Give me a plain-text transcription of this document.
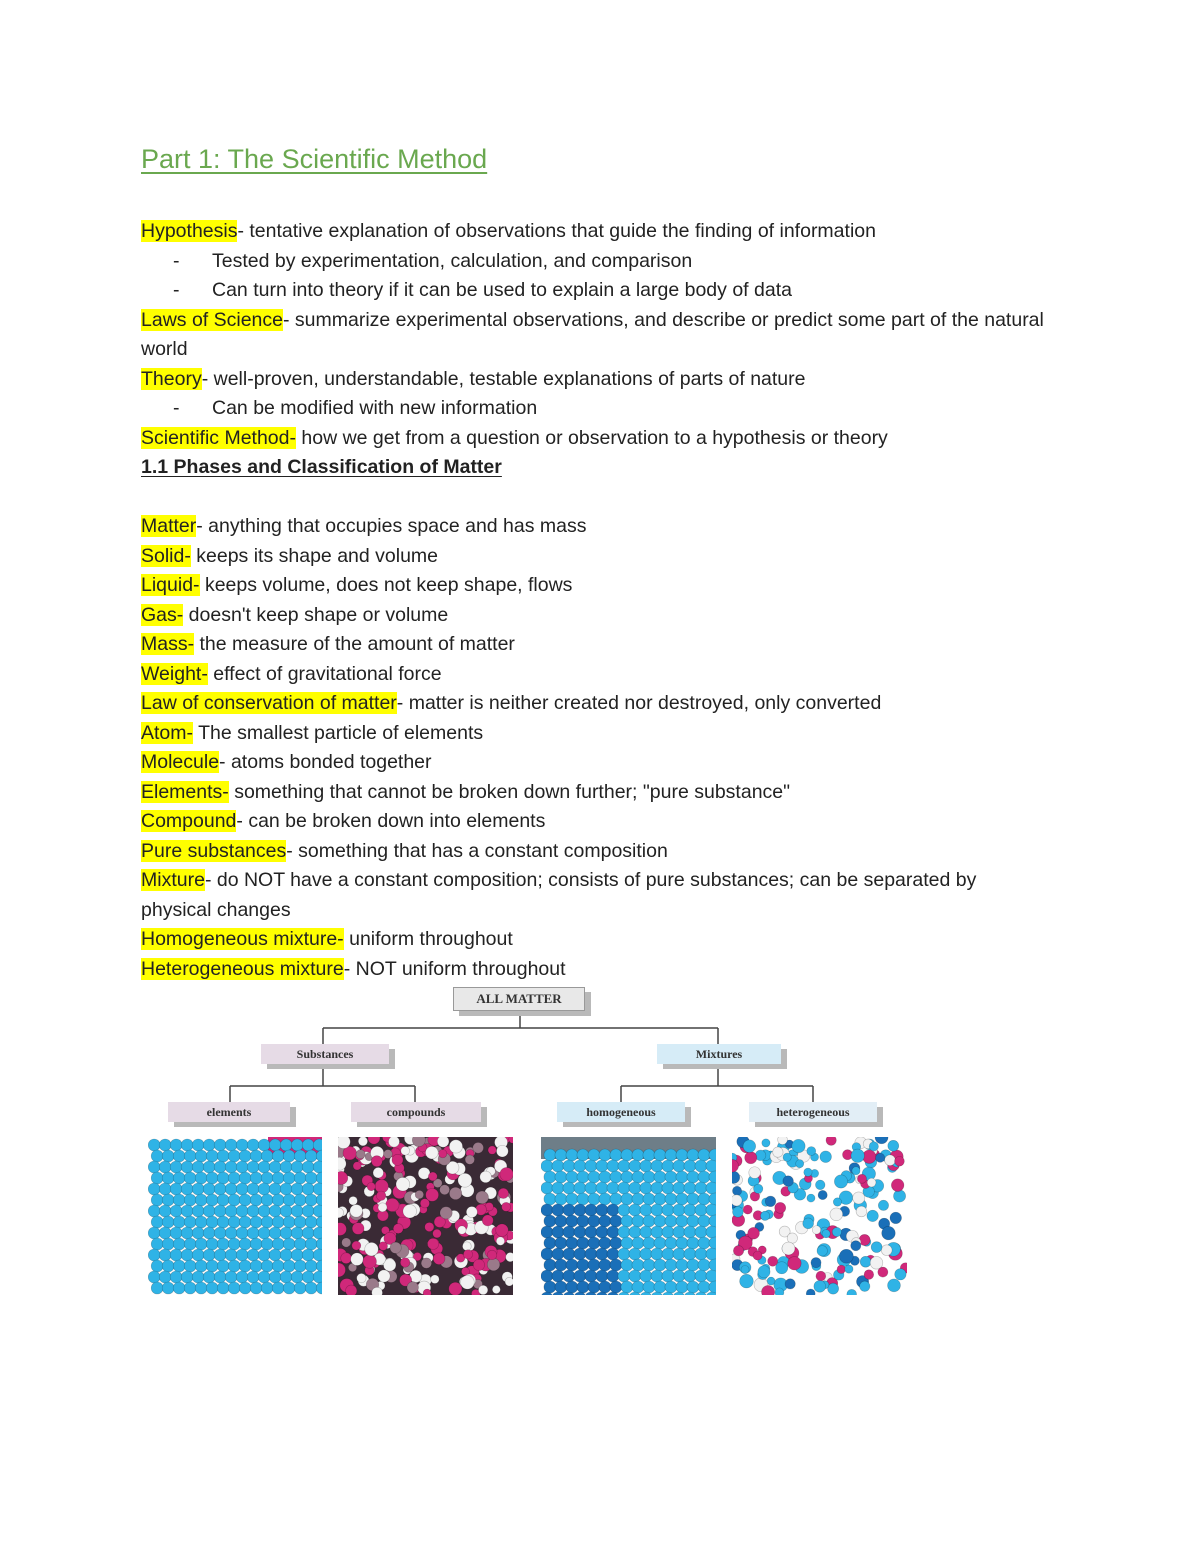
Part 1: The Scientific Method

Hypothesis- tentative explanation of observations that guide the finding of information

-	Tested by experimentation, calculation, and comparison

-	Can turn into theory if it can be used to explain a large body of data

Laws of Science- summarize experimental observations, and describe or predict some part of the natural world

Theory- well-proven, understandable, testable explanations of parts of nature

-	Can be modified with new information

Scientific Method- how we get from a question or observation to a hypothesis or theory

1.1 Phases and Classification of Matter

Matter- anything that occupies space and has mass

Solid- keeps its shape and volume

Liquid- keeps volume, does not keep shape, flows

Gas- doesn't keep shape or volume

Mass- the measure of the amount of matter

Weight- effect of gravitational force

Law of conservation of matter- matter is neither created nor destroyed, only converted

Atom- The smallest particle of elements

Molecule- atoms bonded together

Elements- something that cannot be broken down further; "pure substance"

Compound- can be broken down into elements

Pure substances- something that has a constant composition

Mixture- do NOT have a constant composition; consists of pure substances; can be separated by physical changes

Homogeneous mixture- uniform throughout

Heterogeneous mixture- NOT uniform throughout

ALL MATTER
Substances	Mixtures
elements	compounds	homogeneous	heterogeneous
